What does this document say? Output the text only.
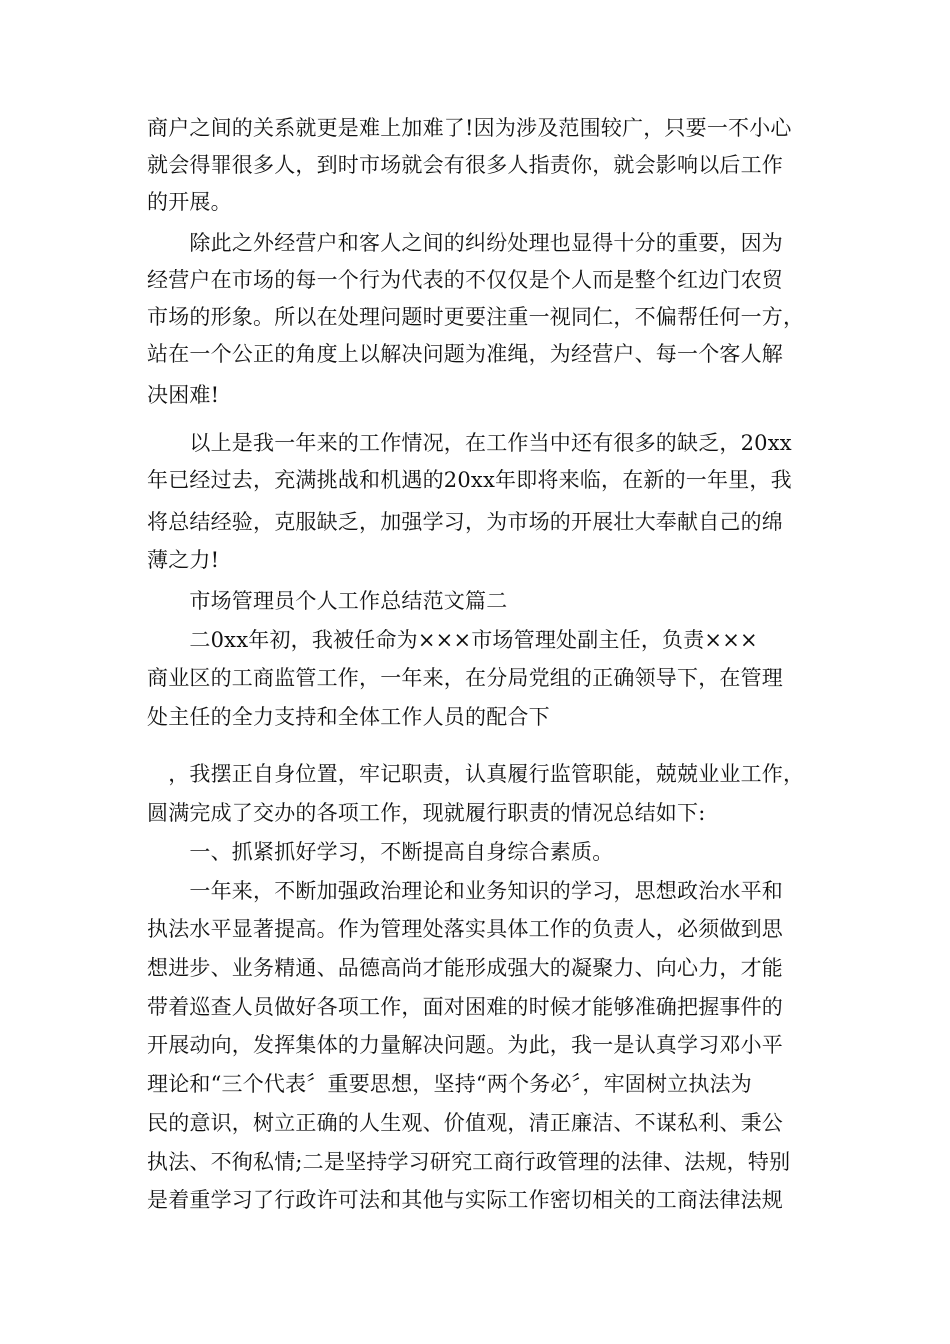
商户之间的关系就更是难上加难了!因为涉及范围较广，只要一不小心
就会得罪很多人，到时市场就会有很多人指责你，就会影响以后工作
的开展。
　　除此之外经营户和客人之间的纠纷处理也显得十分的重要，因为
经营户在市场的每一个行为代表的不仅仅是个人而是整个红边门农贸
市场的形象。所以在处理问题时更要注重一视同仁，不偏帮任何一方，
站在一个公正的角度上以解决问题为准绳，为经营户、每一个客人解
决困难!
　　以上是我一年来的工作情况，在工作当中还有很多的缺乏，20xx
年已经过去，充满挑战和机遇的20xx年即将来临，在新的一年里，我
将总结经验，克服缺乏，加强学习，为市场的开展壮大奉献自己的绵
薄之力!
　　市场管理员个人工作总结范文篇二
　　二0xx年初，我被任命为×××市场管理处副主任，负责×××
商业区的工商监管工作，一年来，在分局党组的正确领导下，在管理
处主任的全力支持和全体工作人员的配合下
　，我摆正自身位置，牢记职责，认真履行监管职能，兢兢业业工作，
圆满完成了交办的各项工作，现就履行职责的情况总结如下:
　　一、抓紧抓好学习，不断提高自身综合素质。
　　一年来，不断加强政治理论和业务知识的学习，思想政治水平和
执法水平显著提高。作为管理处落实具体工作的负责人，必须做到思
想进步、业务精通、品德高尚才能形成强大的凝聚力、向心力，才能
带着巡查人员做好各项工作，面对困难的时候才能够准确把握事件的
开展动向，发挥集体的力量解决问题。为此，我一是认真学习邓小平
理论和“三个代表〞重要思想，坚持“两个务必〞，牢固树立执法为
民的意识，树立正确的人生观、价值观，清正廉洁、不谋私利、秉公
执法、不徇私情;二是坚持学习研究工商行政管理的法律、法规，特别
是着重学习了行政许可法和其他与实际工作密切相关的工商法律法规
